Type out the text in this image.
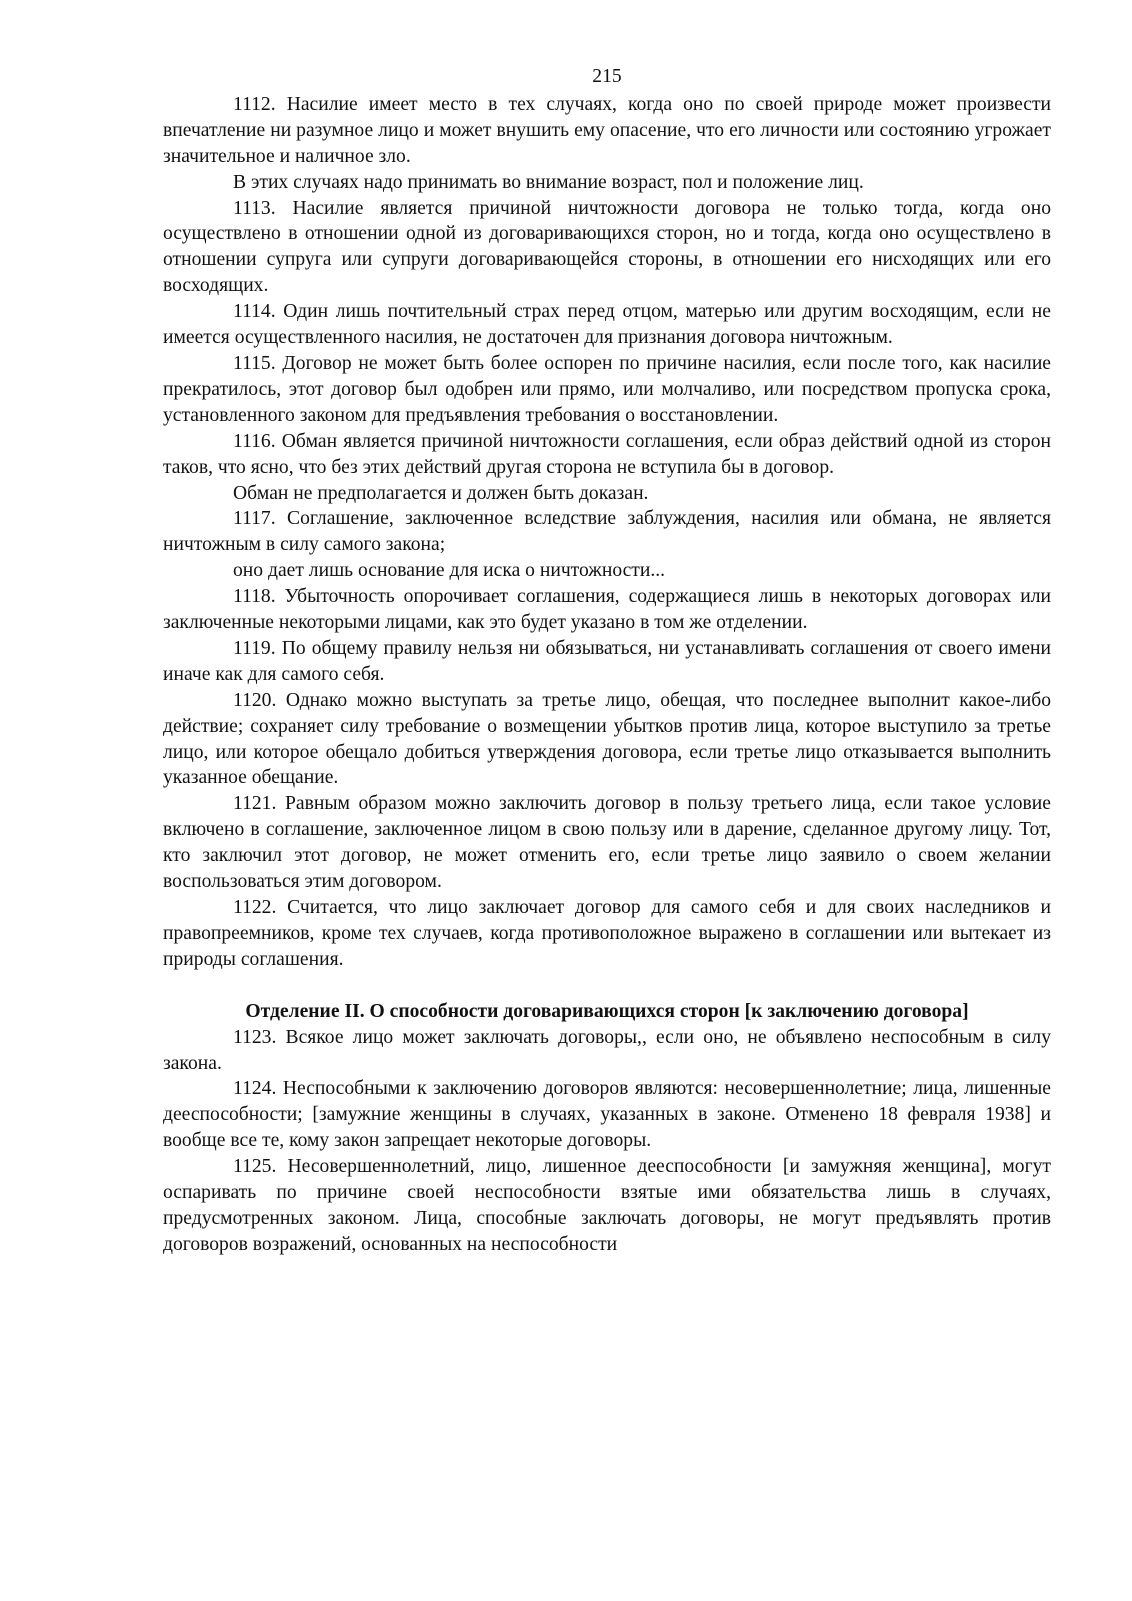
215

1112. Насилие имеет место в тех случаях, когда оно по своей природе может произвести впечатление ни разумное лицо и может внушить ему опасение, что его личности или состоянию угрожает значительное и наличное зло.

В этих случаях надо принимать во внимание возраст, пол и положение лиц.

1113. Насилие является причиной ничтожности договора не только тогда, когда оно осуществлено в отношении одной из договаривающихся сторон, но и тогда, когда оно осуществлено в отношении супруга или супруги договаривающейся стороны, в отношении его нисходящих или его восходящих.

1114. Один лишь почтительный страх перед отцом, матерью или другим восходящим, если не имеется осуществленного насилия, не достаточен для признания договора ничтожным.

1115. Договор не может быть более оспорен по причине насилия, если после того, как насилие прекратилось, этот договор был одобрен или прямо, или молчаливо, или посредством пропуска срока, установленного законом для предъявления требования о восстановлении.

1116. Обман является причиной ничтожности соглашения, если образ действий одной из сторон таков, что ясно, что без этих действий другая сторона не вступила бы в договор.

Обман не предполагается и должен быть доказан.

1117. Соглашение, заключенное вследствие заблуждения, насилия или обмана, не является ничтожным в силу самого закона;

оно дает лишь основание для иска о ничтожности...

1118. Убыточность опорочивает соглашения, содержащиеся лишь в некоторых договорах или заключенные некоторыми лицами, как это будет указано в том же отделении.

1119. По общему правилу нельзя ни обязываться, ни устанавливать соглашения от своего имени иначе как для самого себя.

1120. Однако можно выступать за третье лицо, обещая, что последнее выполнит какое-либо действие; сохраняет силу требование о возмещении убытков против лица, которое выступило за третье лицо, или которое обещало добиться утверждения договора, если третье лицо отказывается выполнить указанное обещание.

1121. Равным образом можно заключить договор в пользу третьего лица, если такое условие включено в соглашение, заключенное лицом в свою пользу или в дарение, сделанное другому лицу. Тот, кто заключил этот договор, не может отменить его, если третье лицо заявило о своем желании воспользоваться этим договором.

1122. Считается, что лицо заключает договор для самого себя и для своих наследников и правопреемников, кроме тех случаев, когда противоположное выражено в соглашении или вытекает из природы соглашения.

Отделение II. О способности договаривающихся сторон [к заключению договора]

1123. Всякое лицо может заключать договоры,, если оно, не объявлено неспособным в силу закона.

1124. Неспособными к заключению договоров являются: несовершеннолетние; лица, лишенные дееспособности; [замужние женщины в случаях, указанных в законе. Отменено 18 февраля 1938] и вообще все те, кому закон запрещает некоторые договоры.

1125. Несовершеннолетний, лицо, лишенное дееспособности [и замужняя женщина], могут оспаривать по причине своей неспособности взятые ими обязательства лишь в случаях, предусмотренных законом. Лица, способные заключать договоры, не могут предъявлять против договоров возражений, основанных на неспособности
